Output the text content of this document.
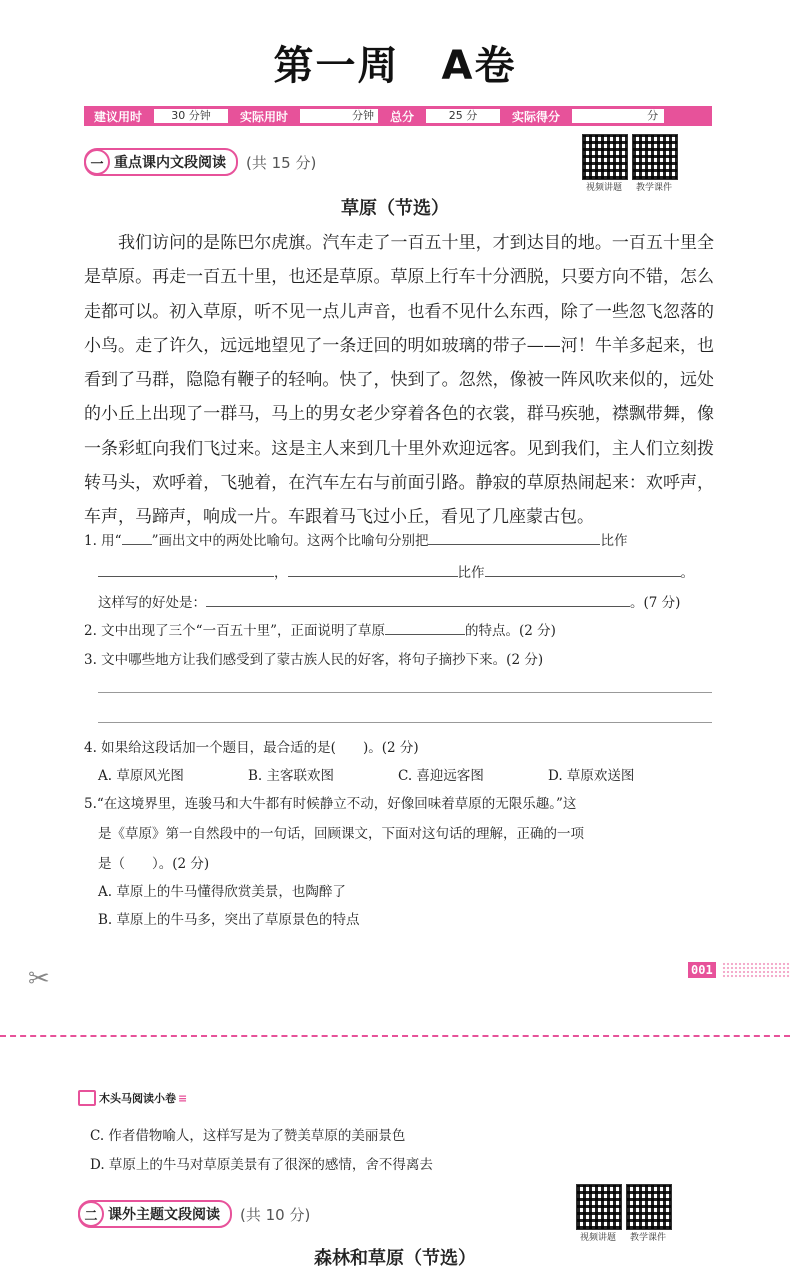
第一周　A卷
建议用时	30 分钟	实际用时	分钟	总分	25 分	实际得分	分
一 重点课内文段阅读 (共 15 分)
视频讲题	教学课件
草原（节选）

我们访问的是陈巴尔虎旗。汽车走了一百五十里，才到达目的地。一百五十里全是草原。再走一百五十里，也还是草原。草原上行车十分洒脱，只要方向不错，怎么走都可以。初入草原，听不见一点儿声音，也看不见什么东西，除了一些忽飞忽落的小鸟。走了许久，远远地望见了一条迂回的明如玻璃的带子——河！牛羊多起来，也看到了马群，隐隐有鞭子的轻响。快了，快到了。忽然，像被一阵风吹来似的，远处的小丘上出现了一群马，马上的男女老少穿着各色的衣裳，群马疾驰，襟飘带舞，像一条彩虹向我们飞过来。这是主人来到几十里外欢迎远客。见到我们，主人们立刻拨转马头，欢呼着，飞驰着，在汽车左右与前面引路。静寂的草原热闹起来：欢呼声，车声，马蹄声，响成一片。车跟着马飞过小丘，看见了几座蒙古包。

1. 用“ ”画出文中的两处比喻句。这两个比喻句分别把	比作
，	比作	。
这样写的好处是：	。(7 分)
2. 文中出现了三个“一百五十里”，正面说明了草原	的特点。(2 分)
3. 文中哪些地方让我们感受到了蒙古族人民的好客，将句子摘抄下来。(2 分)
4. 如果给这段话加一个题目，最合适的是(　　)。(2 分)
A. 草原风光图	B. 主客联欢图	C. 喜迎远客图	D. 草原欢送图
5.“在这境界里，连骏马和大牛都有时候静立不动，好像回味着草原的无限乐趣。”这
是《草原》第一自然段中的一句话，回顾课文，下面对这句话的理解，正确的一项
是（　　）。(2 分)
A. 草原上的牛马懂得欣赏美景，也陶醉了
B. 草原上的牛马多，突出了草原景色的特点
✂	001
木头马阅读小卷 ≡
C. 作者借物喻人，这样写是为了赞美草原的美丽景色
D. 草原上的牛马对草原美景有了很深的感情，舍不得离去
二 课外主题文段阅读 (共 10 分)
视频讲题	教学课件
森林和草原（节选）
